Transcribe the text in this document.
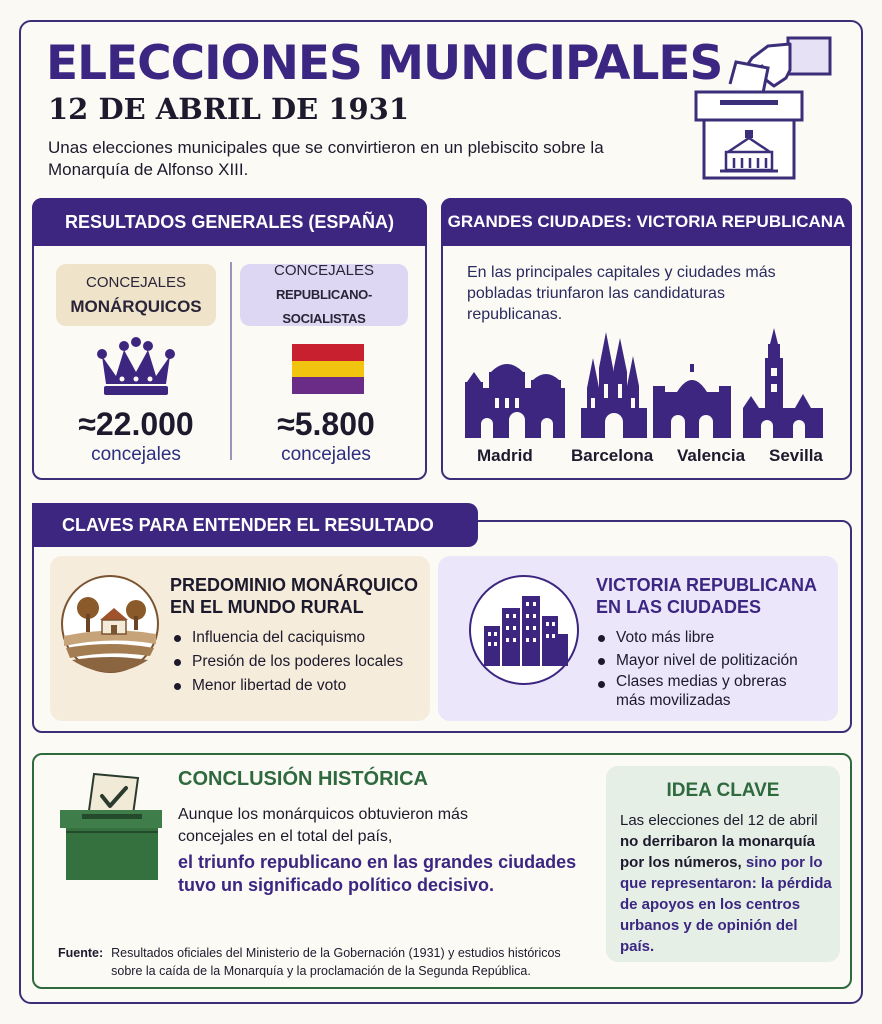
ELECCIONES MUNICIPALES
12 DE ABRIL DE 1931
Unas elecciones municipales que se convirtieron en un plebiscito sobre la Monarquía de Alfonso XIII.
RESULTADOS GENERALES (ESPAÑA)
CONCEJALES
MONÁRQUICOS
CONCEJALES
REPUBLICANO-SOCIALISTAS
≈22.000
concejales
≈5.800
concejales
GRANDES CIUDADES: VICTORIA REPUBLICANA
En las principales capitales y ciudades más pobladas triunfaron las candidaturas republicanas.
Madrid Barcelona Valencia Sevilla
CLAVES PARA ENTENDER EL RESULTADO
PREDOMINIO MONÁRQUICO
EN EL MUNDO RURAL
Influencia del caciquismo
Presión de los poderes locales
Menor libertad de voto
VICTORIA REPUBLICANA
EN LAS CIUDADES
Voto más libre
Mayor nivel de politización
Clases medias y obreras más movilizadas
CONCLUSIÓN HISTÓRICA
Aunque los monárquicos obtuvieron más concejales en el total del país,
el triunfo republicano en las grandes ciudades tuvo un significado político decisivo.
IDEA CLAVE
Las elecciones del 12 de abril no derribaron la monarquía por los números, sino por lo que representaron: la pérdida de apoyos en los centros urbanos y de opinión del país.
Fuente: Resultados oficiales del Ministerio de la Gobernación (1931) y estudios históricos sobre la caída de la Monarquía y la proclamación de la Segunda República.
